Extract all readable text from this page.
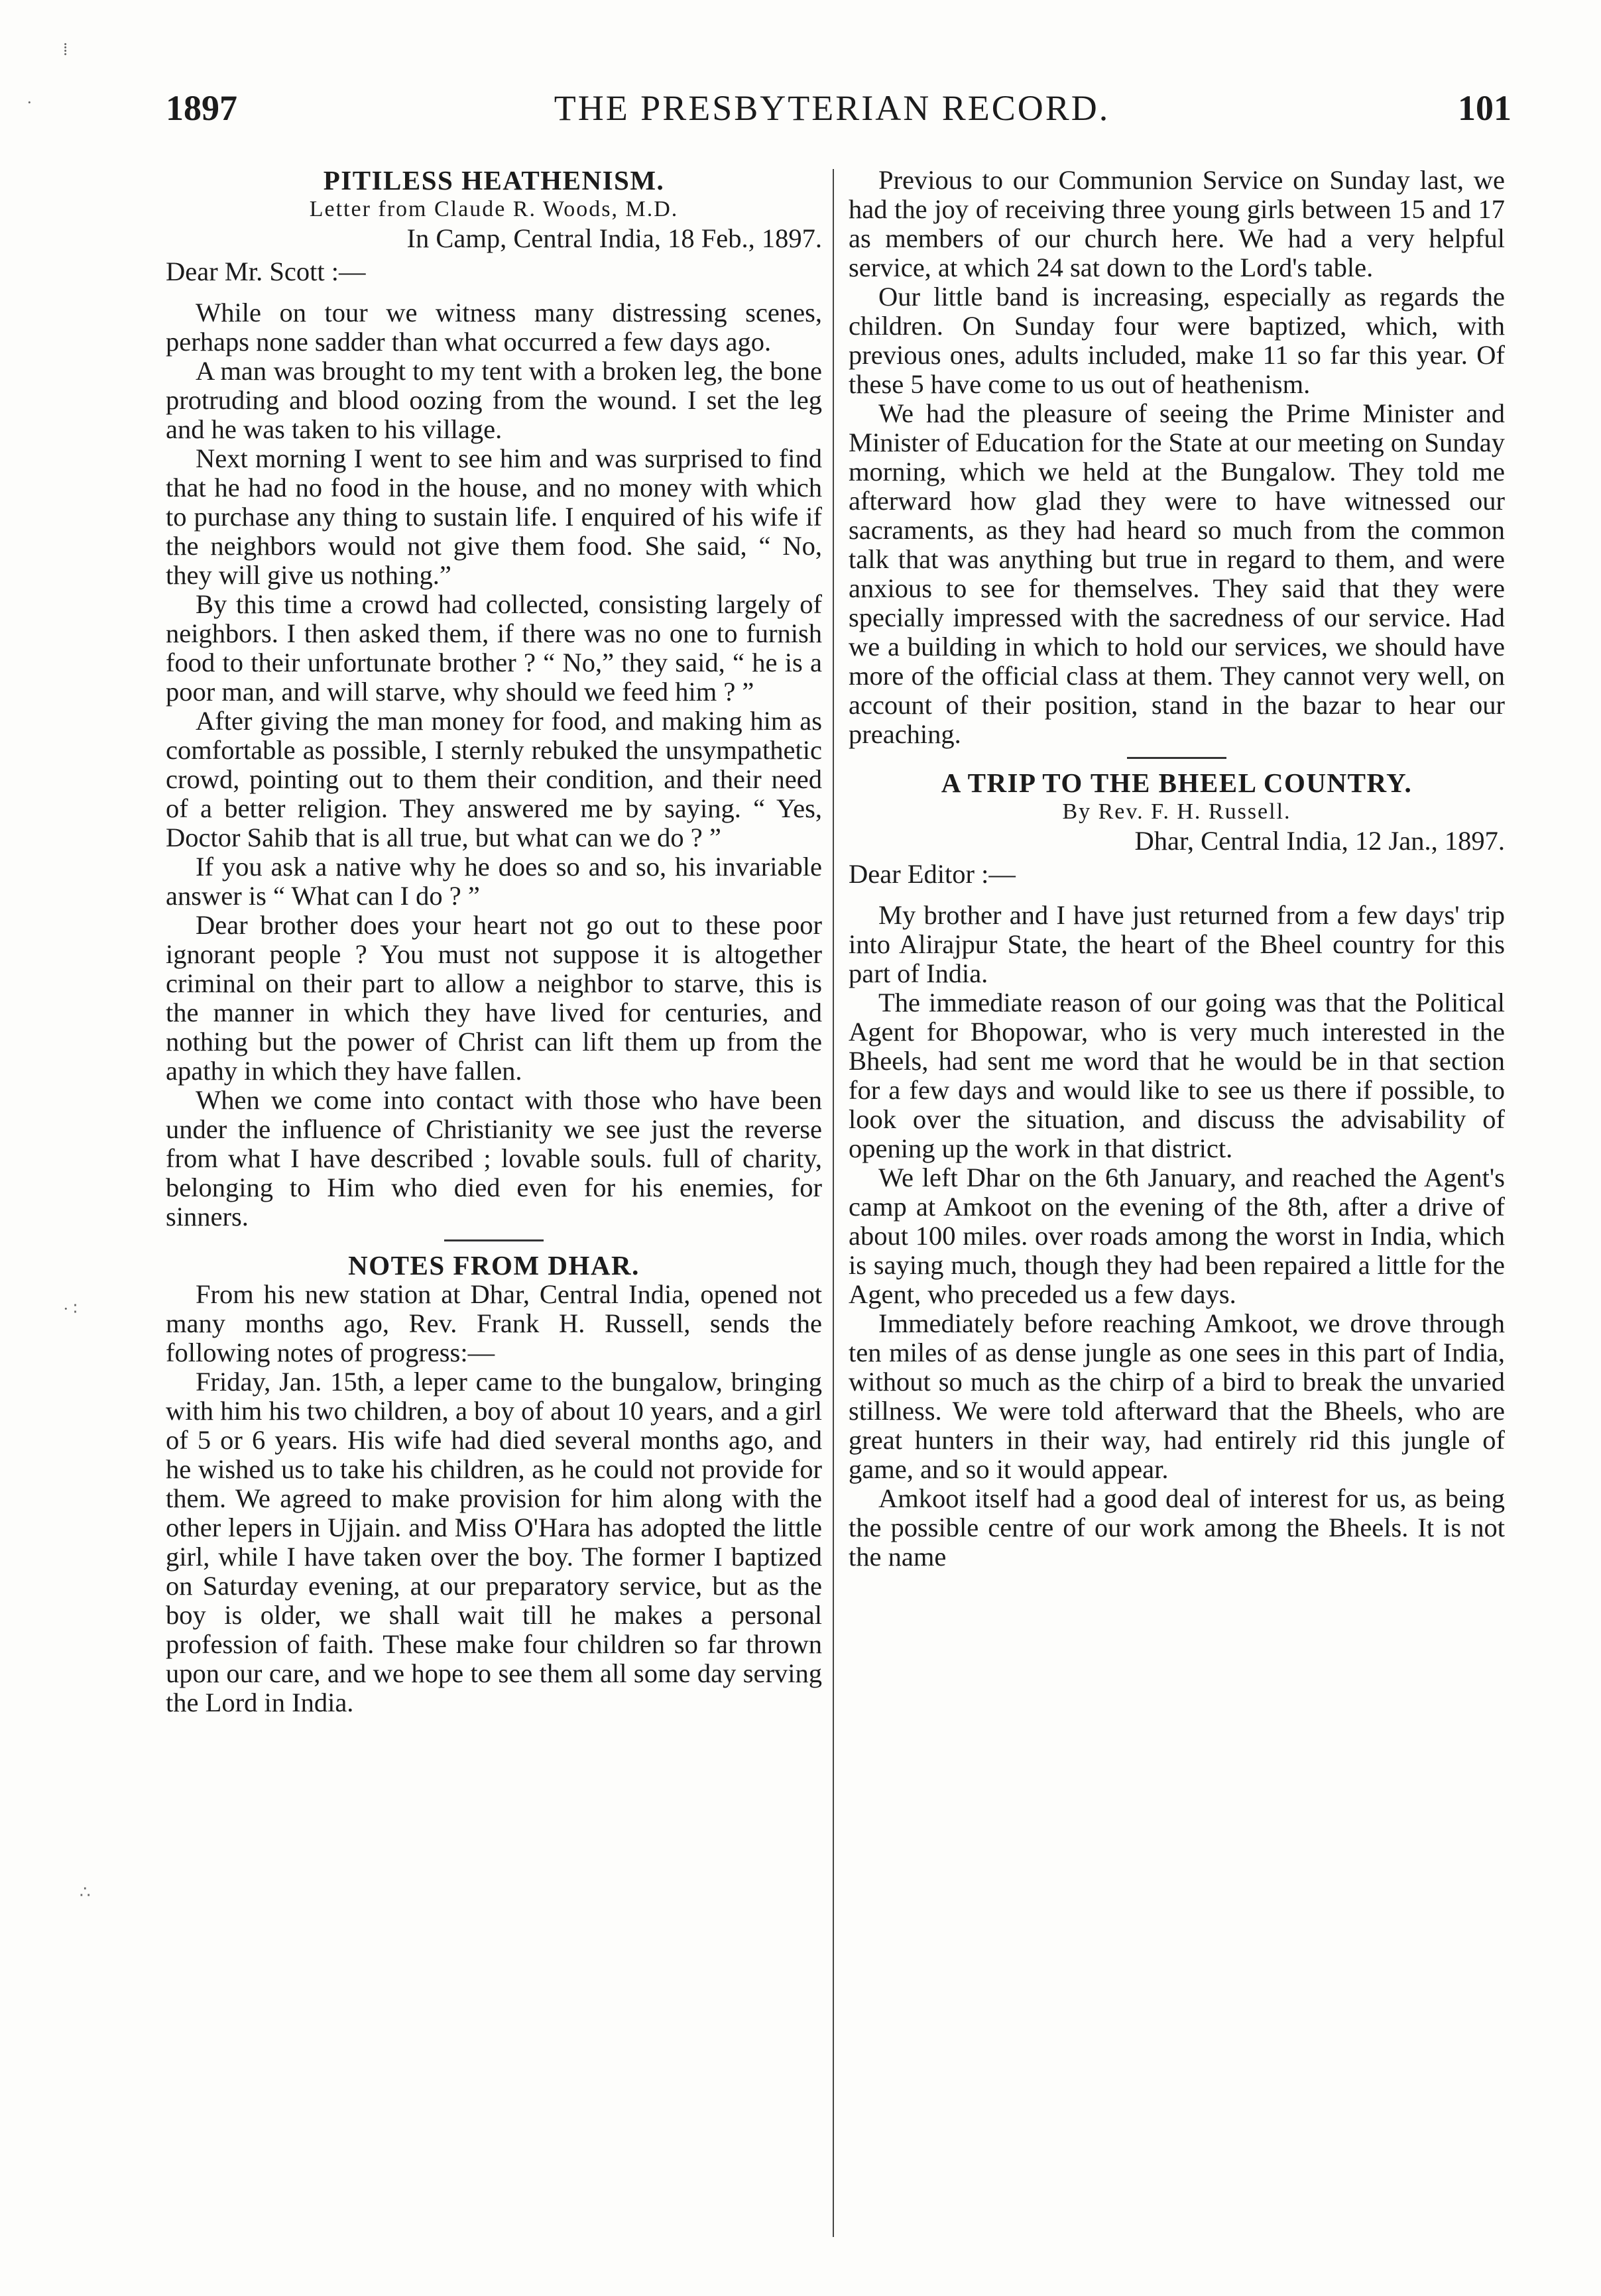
1897	THE PRESBYTERIAN RECORD.	101
⁞
·
· ∶
∴

PITILESS HEATHENISM.

Letter from Claude R. Woods, M.D.

In Camp, Central India, 18 Feb., 1897.

Dear Mr. Scott :—

While on tour we witness many distressing scenes, perhaps none sadder than what occurred a few days ago.

A man was brought to my tent with a broken leg, the bone protruding and blood oozing from the wound. I set the leg and he was taken to his village.

Next morning I went to see him and was surprised to find that he had no food in the house, and no money with which to purchase any thing to sustain life. I enquired of his wife if the neighbors would not give them food. She said, “ No, they will give us nothing.”

By this time a crowd had collected, consisting largely of neighbors. I then asked them, if there was no one to furnish food to their unfortunate brother ? “ No,” they said, “ he is a poor man, and will starve, why should we feed him ? ”

After giving the man money for food, and making him as comfortable as possible, I sternly rebuked the unsympathetic crowd, pointing out to them their condition, and their need of a better religion. They answered me by saying. “ Yes, Doctor Sahib that is all true, but what can we do ? ”

If you ask a native why he does so and so, his invariable answer is “ What can I do ? ”

Dear brother does your heart not go out to these poor ignorant people ? You must not suppose it is altogether criminal on their part to allow a neighbor to starve, this is the manner in which they have lived for centuries, and nothing but the power of Christ can lift them up from the apathy in which they have fallen.

When we come into contact with those who have been under the influence of Christianity we see just the reverse from what I have described ; lovable souls. full of charity, belonging to Him who died even for his enemies, for sinners.

NOTES FROM DHAR.

From his new station at Dhar, Central India, opened not many months ago, Rev. Frank H. Russell, sends the following notes of progress:—

Friday, Jan. 15th, a leper came to the bungalow, bringing with him his two children, a boy of about 10 years, and a girl of 5 or 6 years. His wife had died several months ago, and he wished us to take his children, as he could not provide for them. We agreed to make provision for him along with the other lepers in Ujjain. and Miss O'Hara has adopted the little girl, while I have taken over the boy. The former I baptized on Saturday evening, at our preparatory service, but as the boy is older, we shall wait till he makes a personal profession of faith. These make four children so far thrown upon our care, and we hope to see them all some day serving the Lord in India.

Previous to our Communion Service on Sunday last, we had the joy of receiving three young girls between 15 and 17 as members of our church here. We had a very helpful service, at which 24 sat down to the Lord's table.

Our little band is increasing, especially as regards the children. On Sunday four were baptized, which, with previous ones, adults included, make 11 so far this year. Of these 5 have come to us out of heathenism.

We had the pleasure of seeing the Prime Minister and Minister of Education for the State at our meeting on Sunday morning, which we held at the Bungalow. They told me afterward how glad they were to have witnessed our sacraments, as they had heard so much from the common talk that was anything but true in regard to them, and were anxious to see for themselves. They said that they were specially impressed with the sacredness of our service. Had we a building in which to hold our services, we should have more of the official class at them. They cannot very well, on account of their position, stand in the bazar to hear our preaching.

A TRIP TO THE BHEEL COUNTRY.

By Rev. F. H. Russell.

Dhar, Central India, 12 Jan., 1897.

Dear Editor :—

My brother and I have just returned from a few days' trip into Alirajpur State, the heart of the Bheel country for this part of India.

The immediate reason of our going was that the Political Agent for Bhopowar, who is very much interested in the Bheels, had sent me word that he would be in that section for a few days and would like to see us there if possible, to look over the situation, and discuss the advisability of opening up the work in that district.

We left Dhar on the 6th January, and reached the Agent's camp at Amkoot on the evening of the 8th, after a drive of about 100 miles. over roads among the worst in India, which is saying much, though they had been repaired a little for the Agent, who preceded us a few days.

Immediately before reaching Amkoot, we drove through ten miles of as dense jungle as one sees in this part of India, without so much as the chirp of a bird to break the unvaried stillness. We were told afterward that the Bheels, who are great hunters in their way, had entirely rid this jungle of game, and so it would appear.

Amkoot itself had a good deal of interest for us, as being the possible centre of our work among the Bheels. It is not the name
